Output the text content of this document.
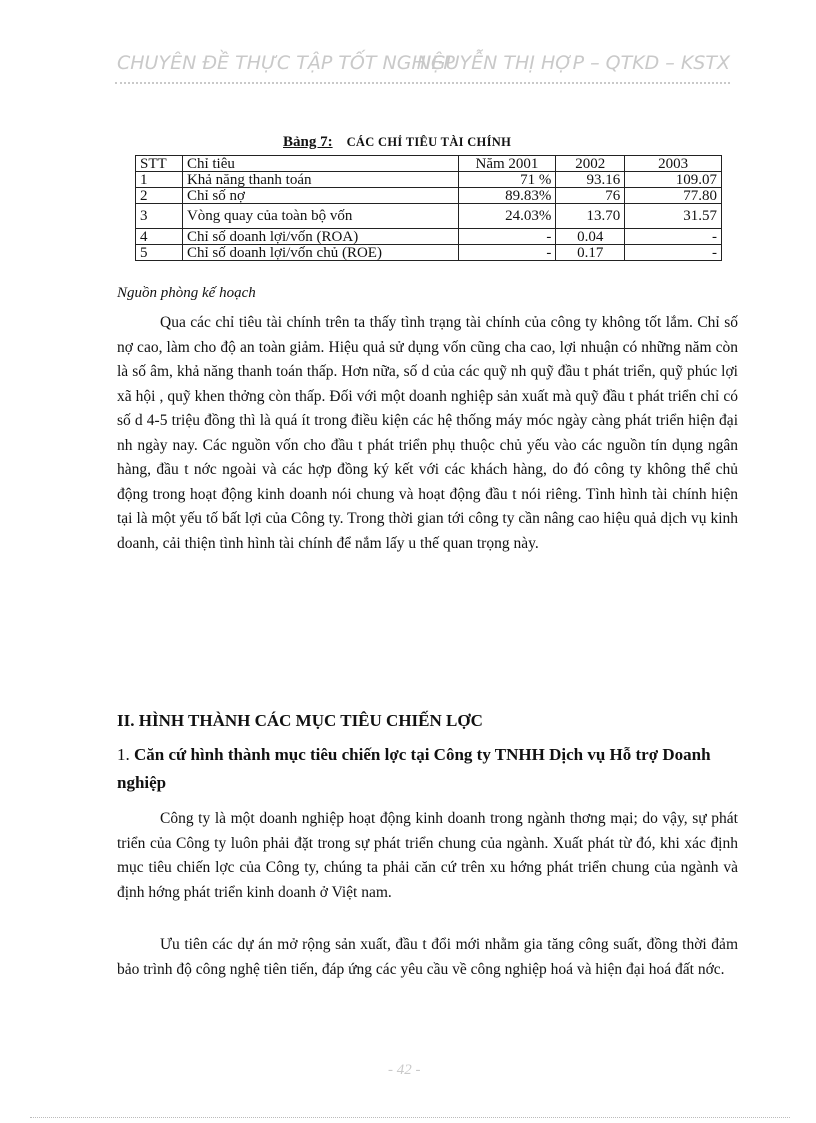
CHUYÊN ĐỀ THỰC TẬP TỐT NGHIỆP
NGUYỄN THỊ HỢP – QTKD – KSTX
Bảng 7: CÁC CHỈ TIÊU TÀI CHÍNH
STT	Chỉ tiêu	Năm 2001	2002	2003
1	Khả năng thanh toán	71 %	93.16	109.07
2	Chỉ số nợ	89.83%	76	77.80
3	Vòng quay của toàn bộ vốn	24.03%	13.70	31.57
4	Chỉ số doanh lợi/vốn (ROA)	-	0.04	-
5	Chỉ số doanh lợi/vốn chủ (ROE)	-	0.17	-
Nguồn phòng kế hoạch

Qua các chỉ tiêu tài chính trên ta thấy tình trạng tài chính của công ty không tốt lắm. Chỉ số nợ cao, làm cho độ an toàn giảm. Hiệu quả sử dụng vốn cũng cha cao, lợi nhuận có những năm còn là số âm, khả năng thanh toán thấp. Hơn nữa, số d của các quỹ nh quỹ đầu t phát triển, quỹ phúc lợi xã hội , quỹ khen thởng còn thấp. Đối với một doanh nghiệp sản xuất mà quỹ đầu t phát triển chỉ có số d 4-5 triệu đồng thì là quá ít trong điều kiện các hệ thống máy móc ngày càng phát triển hiện đại nh ngày nay. Các nguồn vốn cho đầu t phát triển phụ thuộc chủ yếu vào các nguồn tín dụng ngân hàng, đầu t nớc ngoài và các hợp đồng ký kết với các khách hàng, do đó công ty không thể chủ động trong hoạt động kinh doanh nói chung và hoạt động đầu t nói riêng. Tình hình tài chính hiện tại là một yếu tố bất lợi của Công ty. Trong thời gian tới công ty cần nâng cao hiệu quả dịch vụ kinh doanh, cải thiện tình hình tài chính để nắm lấy u thế quan trọng này.

II. HÌNH THÀNH CÁC MỤC TIÊU CHIẾN LỢC

1. Căn cứ hình thành mục tiêu chiến lợc tại Công ty TNHH Dịch vụ Hỗ trợ Doanh nghiệp

Công ty là một doanh nghiệp hoạt động kinh doanh trong ngành thơng mại; do vậy, sự phát triển của Công ty luôn phải đặt trong sự phát triển chung của ngành. Xuất phát từ đó, khi xác định mục tiêu chiến lợc của Công ty, chúng ta phải căn cứ trên xu hớng phát triển chung của ngành và định hớng phát triển kinh doanh ở Việt nam.

Ưu tiên các dự án mở rộng sản xuất, đầu t đổi mới nhằm gia tăng công suất, đồng thời đảm bảo trình độ công nghệ tiên tiến, đáp ứng các yêu cầu về công nghiệp hoá và hiện đại hoá đất nớc.

- 42 -
